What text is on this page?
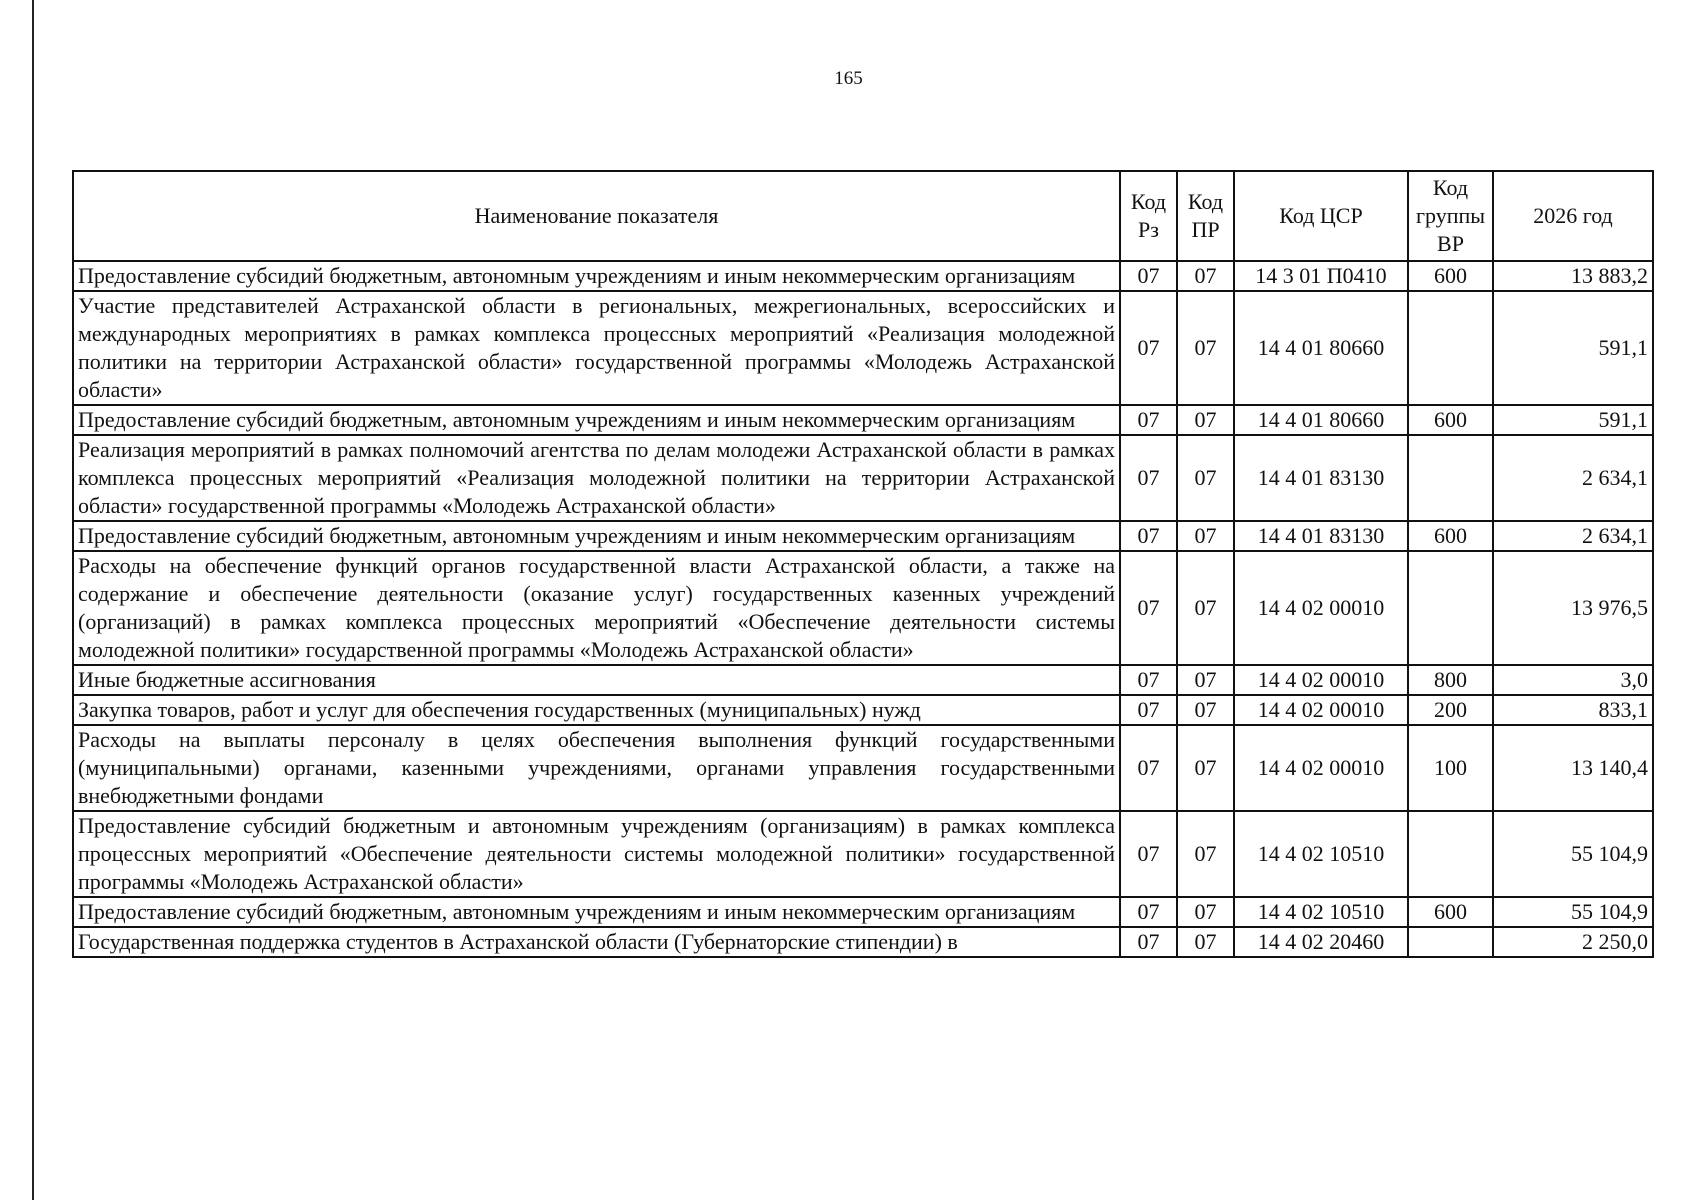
165
Наименование показателя	Код Рз	Код ПР	Код ЦСР	Код группы ВР	2026 год
Предоставление субсидий бюджетным, автономным учреждениям и иным некоммерческим организациям	07	07	14 3 01 П0410	600	13 883,2
Участие представителей Астраханской области в региональных, межрегиональных, всероссийских и международных мероприятиях в рамках комплекса процессных мероприятий «Реализация молодежной политики на территории Астраханской области» государственной программы «Молодежь Астраханской области»	07	07	14 4 01 80660		591,1
Предоставление субсидий бюджетным, автономным учреждениям и иным некоммерческим организациям	07	07	14 4 01 80660	600	591,1
Реализация мероприятий в рамках полномочий агентства по делам молодежи Астраханской области в рамках комплекса процессных мероприятий «Реализация молодежной политики на территории Астраханской области» государственной программы «Молодежь Астраханской области»	07	07	14 4 01 83130		2 634,1
Предоставление субсидий бюджетным, автономным учреждениям и иным некоммерческим организациям	07	07	14 4 01 83130	600	2 634,1
Расходы на обеспечение функций органов государственной власти Астраханской области, а также на содержание и обеспечение деятельности (оказание услуг) государственных казенных учреждений (организаций) в рамках комплекса процессных мероприятий «Обеспечение деятельности системы молодежной политики» государственной программы «Молодежь Астраханской области»	07	07	14 4 02 00010		13 976,5
Иные бюджетные ассигнования	07	07	14 4 02 00010	800	3,0
Закупка товаров, работ и услуг для обеспечения государственных (муниципальных) нужд	07	07	14 4 02 00010	200	833,1
Расходы на выплаты персоналу в целях обеспечения выполнения функций государственными (муниципальными) органами, казенными учреждениями, органами управления государственными внебюджетными фондами	07	07	14 4 02 00010	100	13 140,4
Предоставление субсидий бюджетным и автономным учреждениям (организациям) в рамках комплекса процессных мероприятий «Обеспечение деятельности системы молодежной политики» государственной программы «Молодежь Астраханской области»	07	07	14 4 02 10510		55 104,9
Предоставление субсидий бюджетным, автономным учреждениям и иным некоммерческим организациям	07	07	14 4 02 10510	600	55 104,9
Государственная поддержка студентов в Астраханской области (Губернаторские стипендии) в	07	07	14 4 02 20460		2 250,0
